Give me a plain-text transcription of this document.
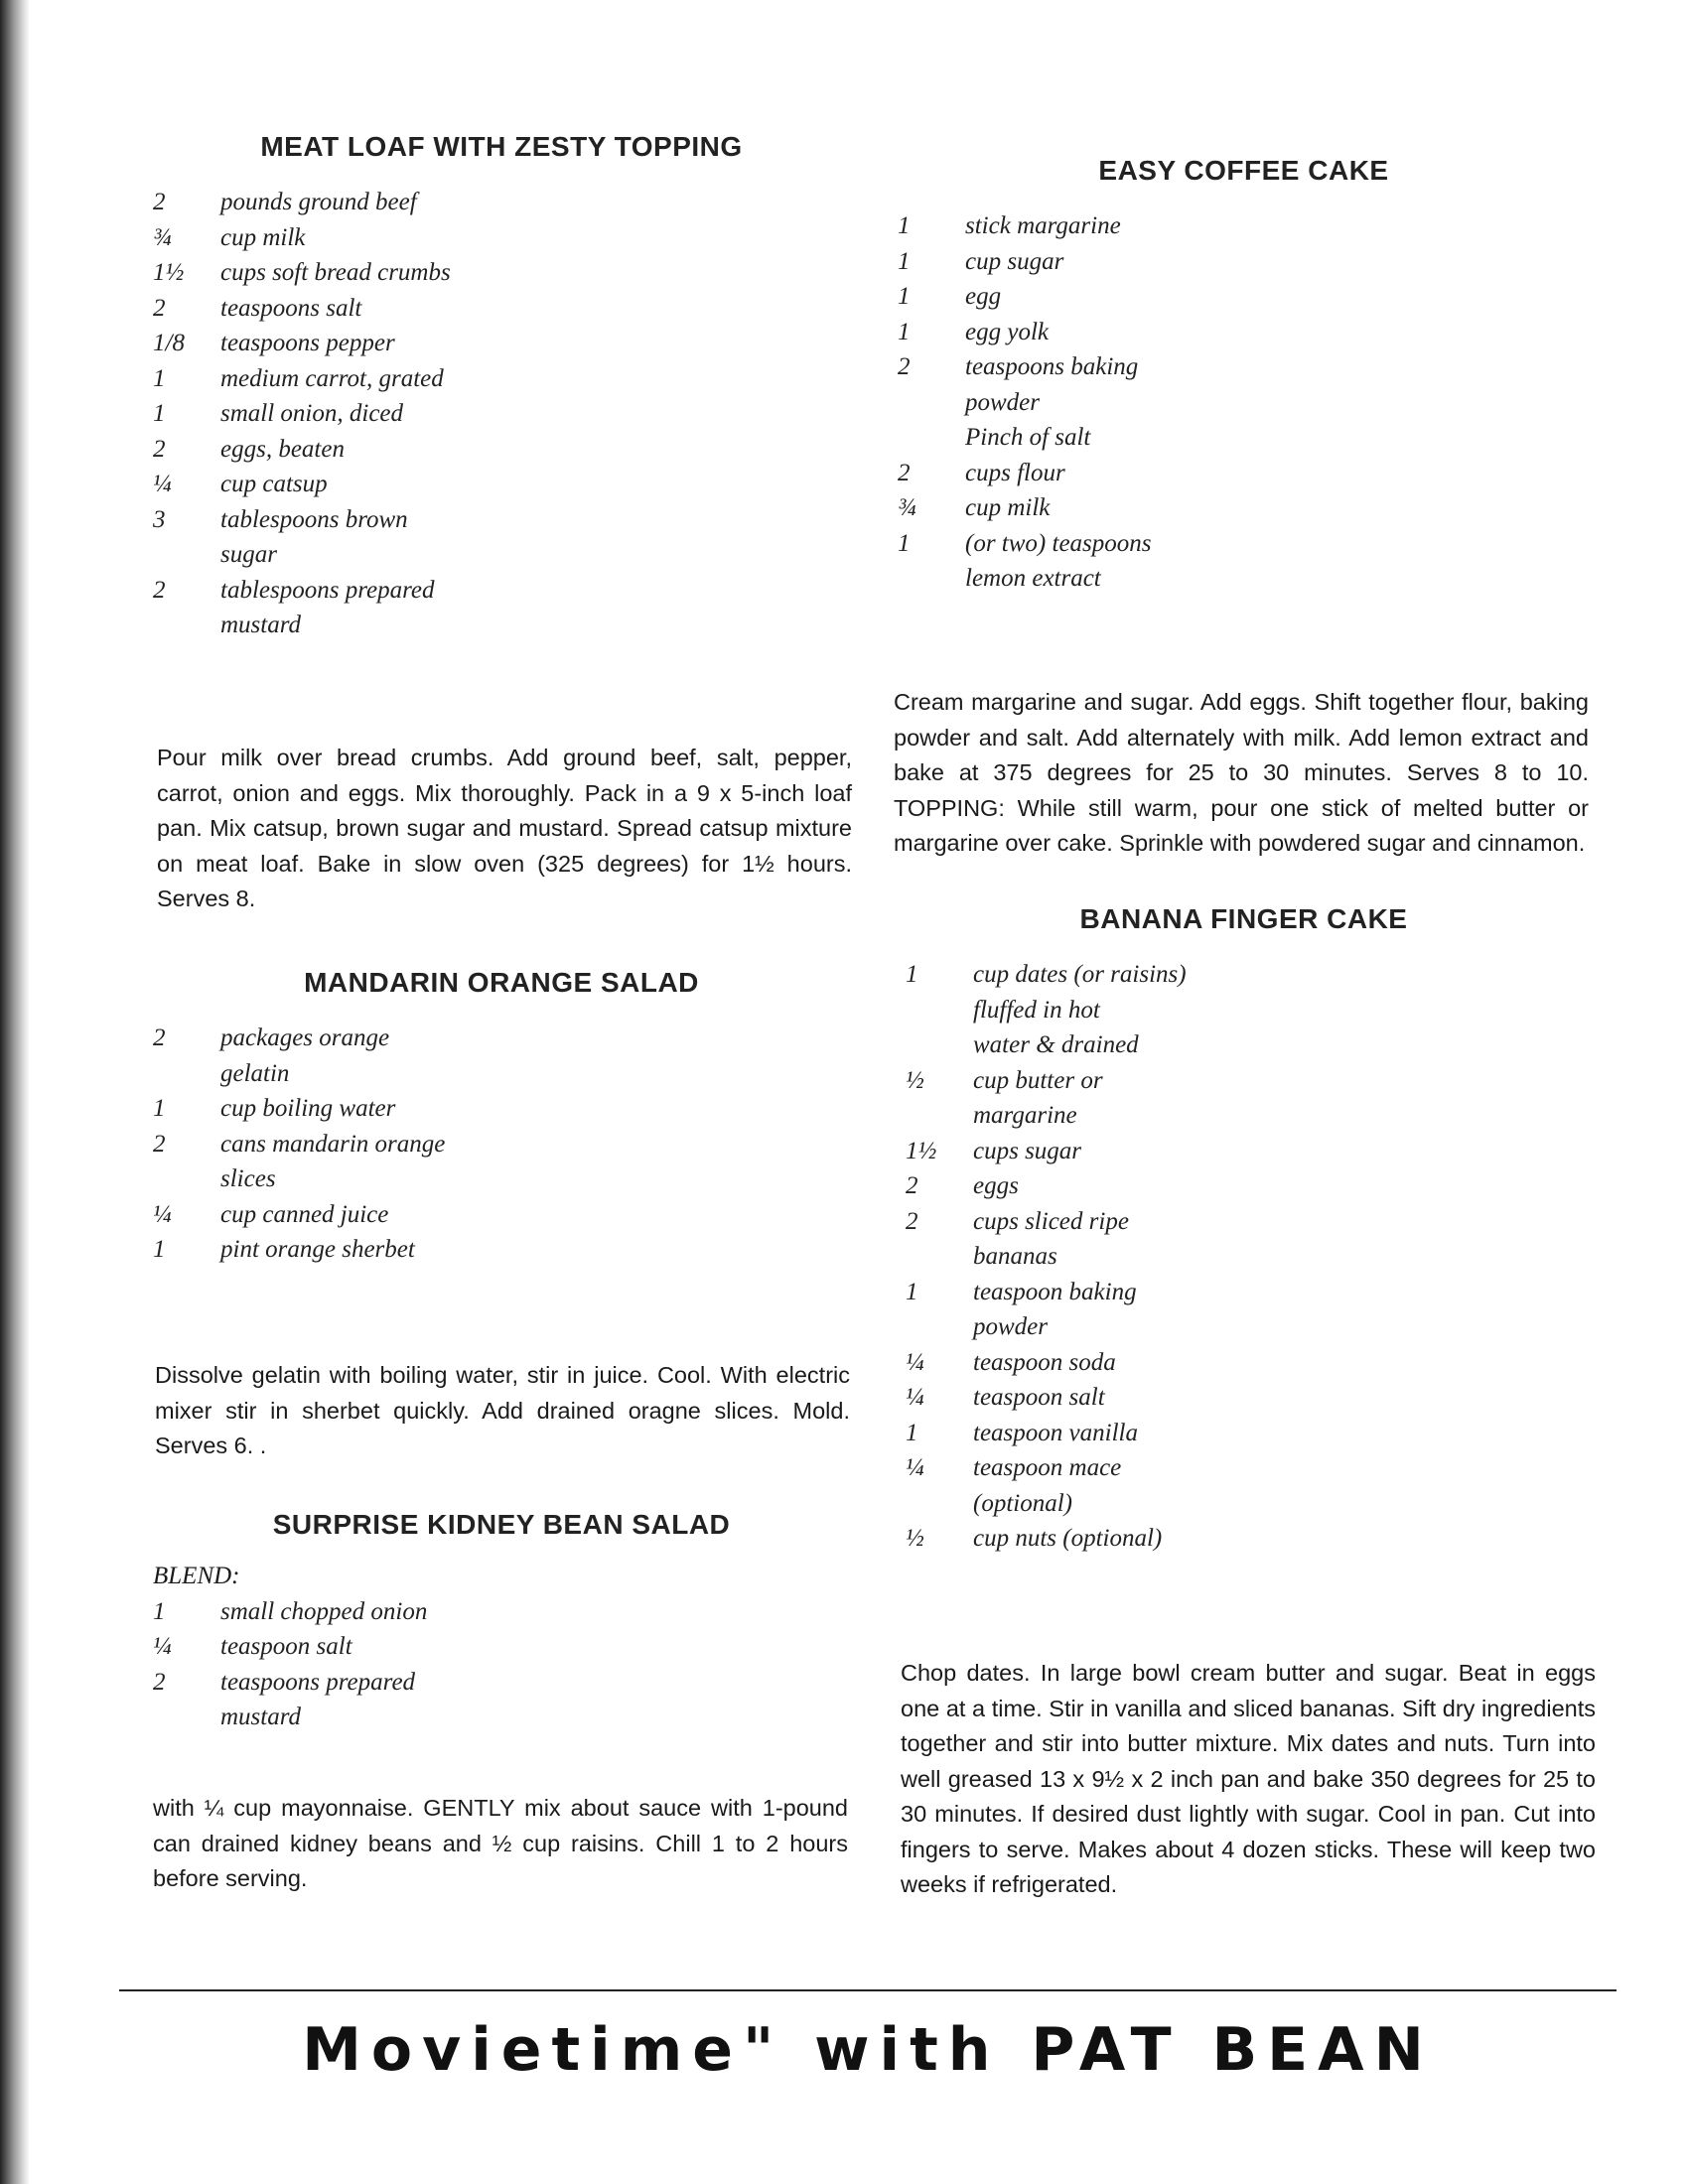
MEAT LOAF WITH ZESTY TOPPING
2	pounds ground beef
¾	cup milk
1½	cups soft bread crumbs
2	teaspoons salt
1/8	teaspoons pepper
1	medium carrot, grated
1	small onion, diced
2	eggs, beaten
¼	cup catsup
3	tablespoons brown
sugar
2	tablespoons prepared
mustard

Pour milk over bread crumbs. Add ground beef, salt, pepper, carrot, onion and eggs. Mix thoroughly. Pack in a 9 x 5-inch loaf pan. Mix catsup, brown sugar and mustard. Spread catsup mixture on meat loaf. Bake in slow oven (325 degrees) for 1½ hours. Serves 8.

MANDARIN ORANGE SALAD
2	packages orange
gelatin
1	cup boiling water
2	cans mandarin orange
slices
¼	cup canned juice
1	pint orange sherbet

Dissolve gelatin with boiling water, stir in juice. Cool. With electric mixer stir in sherbet quickly. Add drained oragne slices. Mold. Serves 6. .

SURPRISE KIDNEY BEAN SALAD
BLEND:
1	small chopped onion
¼	teaspoon salt
2	teaspoons prepared
mustard

with ¼ cup mayonnaise. GENTLY mix about sauce with 1-pound can drained kidney beans and ½ cup raisins. Chill 1 to 2 hours before serving.

EASY COFFEE CAKE
1	stick margarine
1	cup sugar
1	egg
1	egg yolk
2	teaspoons baking
powder
Pinch of salt
2	cups flour
¾	cup milk
1	(or two) teaspoons
lemon extract

Cream margarine and sugar. Add eggs. Shift together flour, baking powder and salt. Add alternately with milk. Add lemon extract and bake at 375 degrees for 25 to 30 minutes. Serves 8 to 10. TOPPING: While still warm, pour one stick of melted butter or margarine over cake. Sprinkle with powdered sugar and cinnamon.

BANANA FINGER CAKE
1	cup dates (or raisins)
fluffed in hot
water & drained
½	cup butter or
margarine
1½	cups sugar
2	eggs
2	cups sliced ripe
bananas
1	teaspoon baking
powder
¼	teaspoon soda
¼	teaspoon salt
1	teaspoon vanilla
¼	teaspoon mace
(optional)
½	cup nuts (optional)

Chop dates. In large bowl cream butter and sugar. Beat in eggs one at a time. Stir in vanilla and sliced bananas. Sift dry ingredients together and stir into butter mixture. Mix dates and nuts. Turn into well greased 13 x 9½ x 2 inch pan and bake 350 degrees for 25 to 30 minutes. If desired dust lightly with sugar. Cool in pan. Cut into fingers to serve. Makes about 4 dozen sticks. These will keep two weeks if refrigerated.

Movietime" with PAT BEAN
